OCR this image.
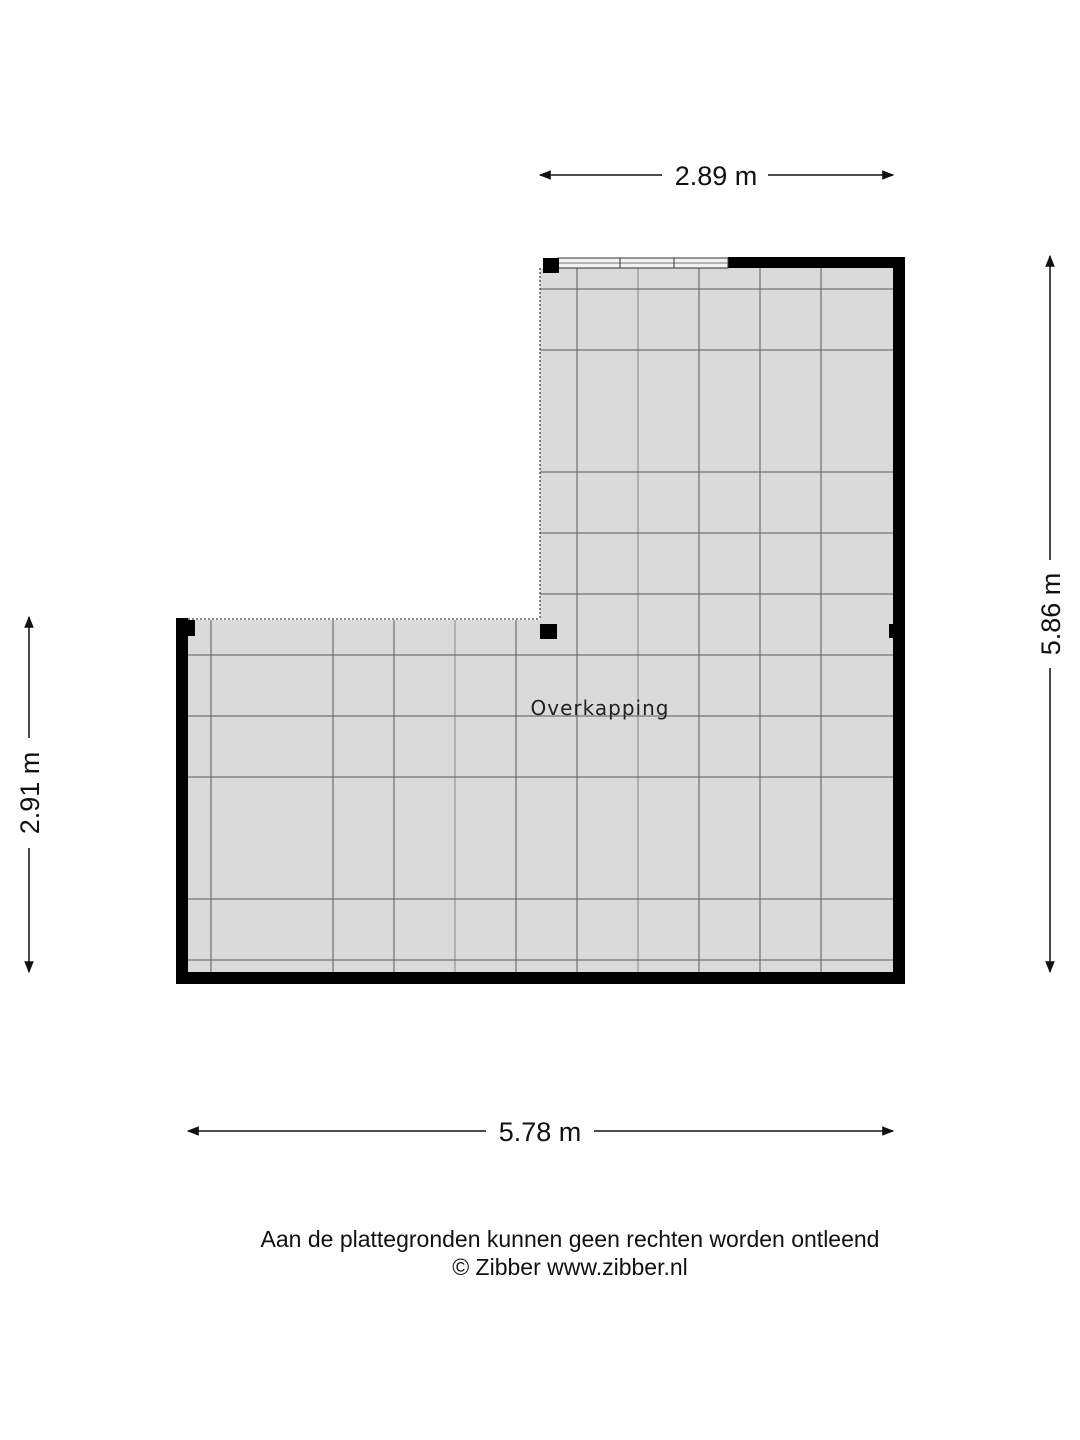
Overkapping
2.89 m
5.86 m
2.91 m
5.78 m
Aan de plattegronden kunnen geen rechten worden ontleend
© Zibber www.zibber.nl
